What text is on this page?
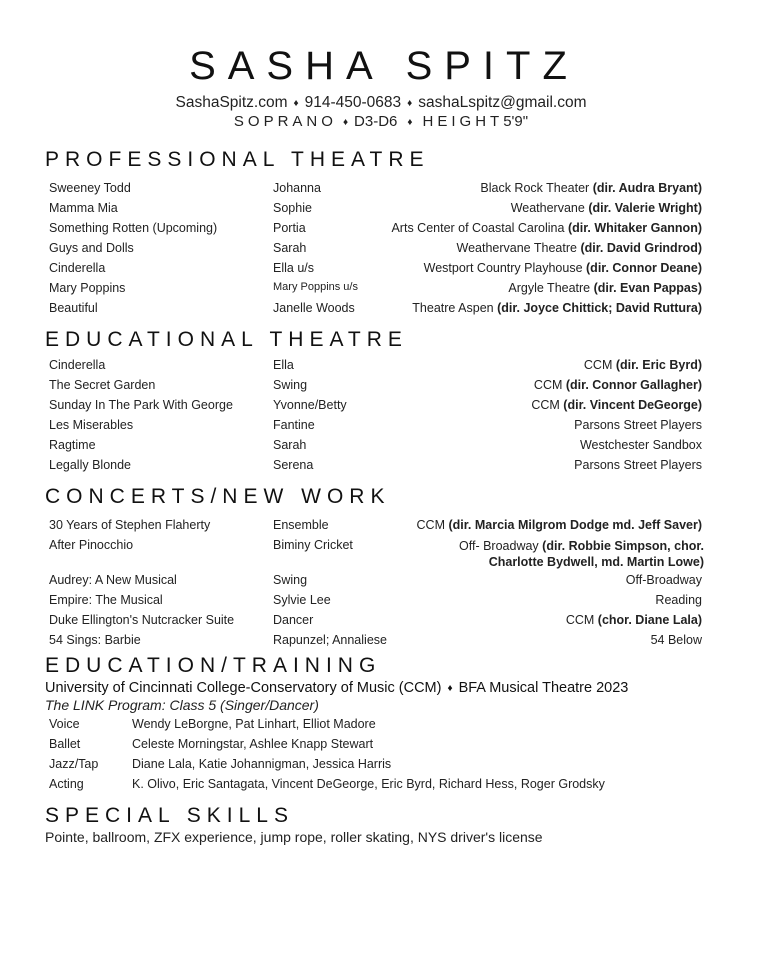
SASHA SPITZ
SashaSpitz.com ♦ 914-450-0683 ♦ sashaLspitz@gmail.com
SOPRANO ♦ D3-D6 ♦ HEIGHT5'9"
PROFESSIONAL THEATRE
Sweeney Todd	Johanna	Black Rock Theater (dir. Audra Bryant)
Mamma Mia	Sophie	Weathervane (dir. Valerie Wright)
Something Rotten (Upcoming)	Portia	Arts Center of Coastal Carolina (dir. Whitaker Gannon)
Guys and Dolls	Sarah	Weathervane Theatre (dir. David Grindrod)
Cinderella	Ella u/s	Westport Country Playhouse (dir. Connor Deane)
Mary Poppins	Mary Poppins u/s	Argyle Theatre (dir. Evan Pappas)
Beautiful	Janelle Woods	Theatre Aspen (dir. Joyce Chittick; David Ruttura)
EDUCATIONAL THEATRE
Cinderella	Ella	CCM (dir. Eric Byrd)
The Secret Garden	Swing	CCM (dir. Connor Gallagher)
Sunday In The Park With George	Yvonne/Betty	CCM (dir. Vincent DeGeorge)
Les Miserables	Fantine	Parsons Street Players
Ragtime	Sarah	Westchester Sandbox
Legally Blonde	Serena	Parsons Street Players
CONCERTS/NEW WORK
30 Years of Stephen Flaherty	Ensemble	CCM (dir. Marcia Milgrom Dodge md. Jeff Saver)
After Pinocchio	Biminy Cricket	Off- Broadway (dir. Robbie Simpson, chor. Charlotte Bydwell, md. Martin Lowe)
Audrey: A New Musical	Swing	Off-Broadway
Empire: The Musical	Sylvie Lee	Reading
Duke Ellington's Nutcracker Suite	Dancer	CCM (chor. Diane Lala)
54 Sings: Barbie	Rapunzel; Annaliese	54 Below
EDUCATION/TRAINING
University of Cincinnati College-Conservatory of Music (CCM) ♦ BFA Musical Theatre 2023
The LINK Program: Class 5 (Singer/Dancer)
Voice	Wendy LeBorgne, Pat Linhart, Elliot Madore
Ballet	Celeste Morningstar, Ashlee Knapp Stewart
Jazz/Tap	Diane Lala, Katie Johannigman, Jessica Harris
Acting	K. Olivo, Eric Santagata, Vincent DeGeorge, Eric Byrd, Richard Hess, Roger Grodsky
SPECIAL SKILLS
Pointe, ballroom, ZFX experience, jump rope, roller skating, NYS driver's license
